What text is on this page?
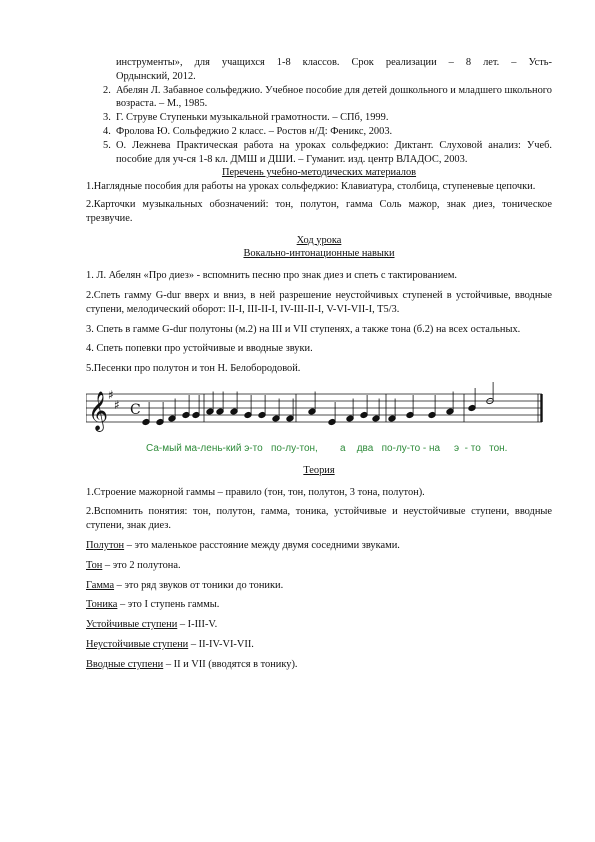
инструменты», для учащихся 1-8 классов. Срок реализации – 8 лет. – Усть-

Ордынский, 2012.

2. Абелян Л. Забавное сольфеджио. Учебное пособие для детей дошкольного и младшего школьного возраста. – М., 1985.
3. Г. Струве Ступеньки музыкальной грамотности. – СПб, 1999.
4. Фролова Ю. Сольфеджио 2 класс. – Ростов н/Д: Феникс, 2003.
5. О. Лежнева Практическая работа на уроках сольфеджио: Диктант. Слуховой анализ: Учеб. пособие для уч-ся 1-8 кл. ДМШ и ДШИ. – Гуманит. изд. центр ВЛАДОС, 2003.

Перечень учебно-методических материалов

1.Наглядные пособия для работы на уроках сольфеджио: Клавиатура, столбица, ступеневые цепочки.

2.Карточки музыкальных обозначений: тон, полутон, гамма Соль мажор, знак диез, тоническое трезвучие.

Ход урока

Вокально-интонационные навыки

1. Л. Абелян «Про диез» - вспомнить песню про знак диез и спеть с тактированием.

2.Спеть гамму G-dur вверх и вниз, в ней разрешение неустойчивых ступеней в устойчивые, вводные ступени, мелодический оборот: II-I, III-II-I, IV-III-II-I, V-VI-VII-I, T5/3.

3. Спеть в гамме G-dur полутоны (м.2) на III и VII ступенях, а также тона (б.2) на всех остальных.

4. Спеть попевки про устойчивые и вводные звуки.

5.Песенки про полутон и тон Н. Белобородовой.

𝄞 ♯
♯ C
Са-мый ма-лень-кий э-то   по-лу-тон,        а    два   по-лу-то - на     э  - то   тон.

Теория

1.Строение мажорной гаммы – правило (тон, тон, полутон, 3 тона, полутон).

2.Вспомнить понятия: тон, полутон, гамма, тоника, устойчивые и неустойчивые ступени, вводные ступени, знак диез.

Полутон – это маленькое расстояние между двумя соседними звуками.

Тон – это 2 полутона.

Гамма – это ряд звуков от тоники до тоники.

Тоника – это I ступень гаммы.

Устойчивые ступени – I-III-V.

Неустойчивые ступени – II-IV-VI-VII.

Вводные ступени – II и VII (вводятся в тонику).
